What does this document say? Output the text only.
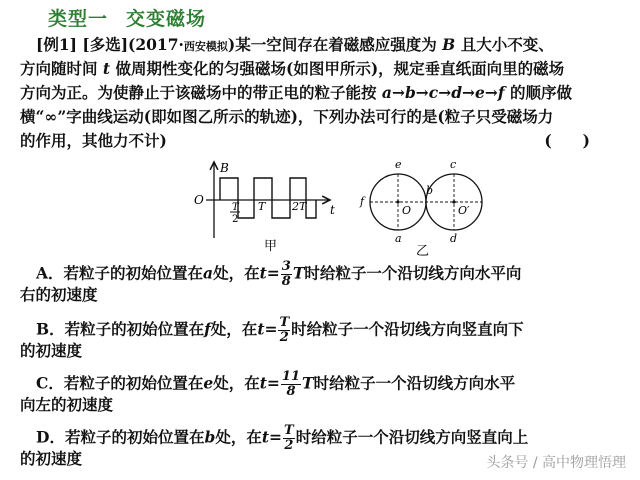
类型一 交变磁场
[例1] [多选](2017·西安模拟)某一空间存在着磁感应强度为 B 且大小不变、
方向随时间 t 做周期性变化的匀强磁场(如图甲所示)，规定垂直纸面向里的磁场
方向为正。为使静止于该磁场中的带正电的粒子能按 a→b→c→d→e→f 的顺序做
横“∞”字曲线运动(即如图乙所示的轨迹)，下列办法可行的是(粒子只受磁场力
的作用，其他力不计)	(　　)
B
t
O
T
2
T 2T
甲
e	c
f
b
a	d
O	O′
乙
A．若粒子的初始位置在a处，在$t= \frac{3}{8}$ T时给粒子一个沿切线方向水平向
右的初速度
B．若粒子的初始位置在f处，在$t= \frac{T}{2}$ 时给粒子一个沿切线方向竖直向下
的初速度
C．若粒子的初始位置在e处，在$t= \frac{11}{8}$ T时给粒子一个沿切线方向水平
向左的初速度
D．若粒子的初始位置在b处，在$t= \frac{T}{2}$ 时给粒子一个沿切线方向竖直向上
的初速度	头条号 / 高中物理悟理
